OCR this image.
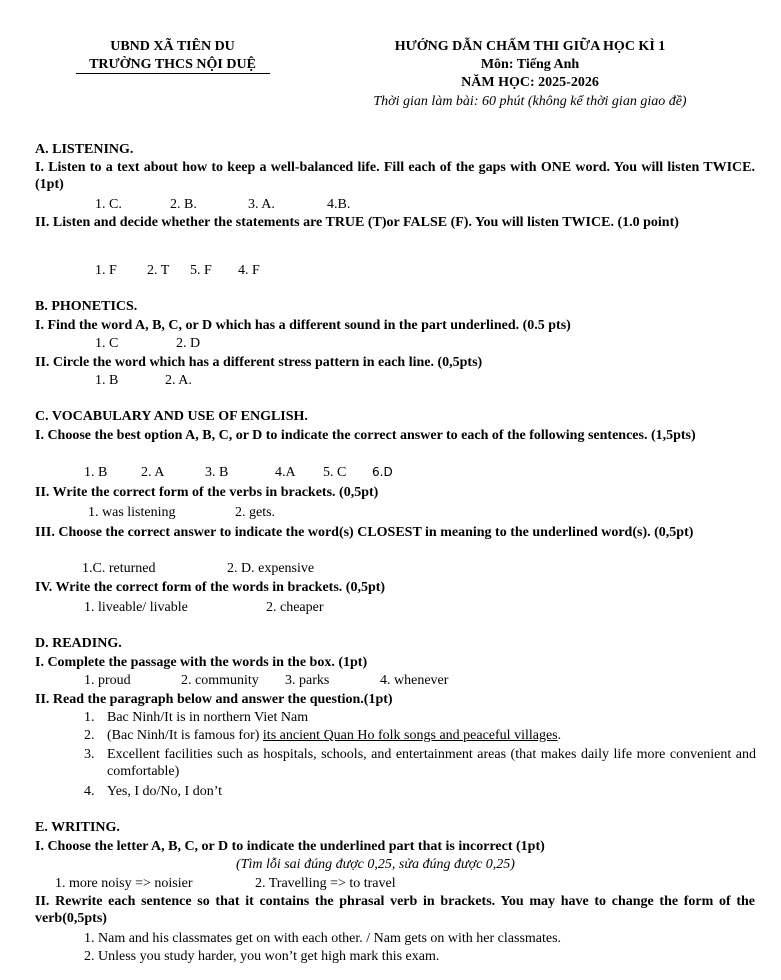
UBND XÃ TIÊN DU
TRƯỜNG THCS NỘI DUỆ
HƯỚNG DẪN CHẤM THI GIỮA HỌC KÌ 1
Môn: Tiếng Anh
NĂM HỌC: 2025-2026
Thời gian làm bài: 60 phút (không kể thời gian giao đề)
A. LISTENING.
I. Listen to a text about how to keep a well-balanced life. Fill each of the gaps with ONE word. You will listen TWICE.(1pt)
1. C.	2. B.	3. A.	4.B.
II. Listen and decide whether the statements are TRUE (T)or FALSE (F). You will listen TWICE. (1.0 point)
1. F 2. T 5. F 4. F
B. PHONETICS.
I. Find the word A, B, C, or D which has a different sound in the part underlined. (0.5 pts)
1. C	2. D
II. Circle the word which has a different stress pattern in each line. (0,5pts)
1. B	2. A.
C. VOCABULARY AND USE OF ENGLISH.
I. Choose the best option A, B, C, or D to indicate the correct answer to each of the following sentences. (1,5pts)
1. B 2. A	3. B	4.A 5. C 6.D
II. Write the correct form of the verbs in brackets. (0,5pt)
1. was listening	2. gets.
III. Choose the correct answer to indicate the word(s) CLOSEST in meaning to the underlined word(s). (0,5pt)
1.C. returned	2. D. expensive
IV. Write the correct form of the words in brackets. (0,5pt)
1. liveable/ livable	2. cheaper
D. READING.
I. Complete the passage with the words in the box. (1pt)
1. proud	2. community 3. parks	4. whenever
II. Read the paragraph below and answer the question.(1pt)
1. Bac Ninh/It is in northern Viet Nam
2. (Bac Ninh/It is famous for) its ancient Quan Ho folk songs and peaceful villages.
3. Excellent facilities such as hospitals, schools, and entertainment areas (that makes daily life more convenient and comfortable)
4. Yes, I do/No, I don’t
E. WRITING.
I. Choose the letter A, B, C, or D to indicate the underlined part that is incorrect (1pt)
(Tìm lỗi sai đúng được 0,25, sửa đúng được 0,25)
1. more noisy => noisier	2. Travelling => to travel
II. Rewrite each sentence so that it contains the phrasal verb in brackets. You may have to change the form of the verb(0,5pts)
1. Nam and his classmates get on with each other. / Nam gets on with her classmates.
2. Unless you study harder, you won’t get high mark this exam.
